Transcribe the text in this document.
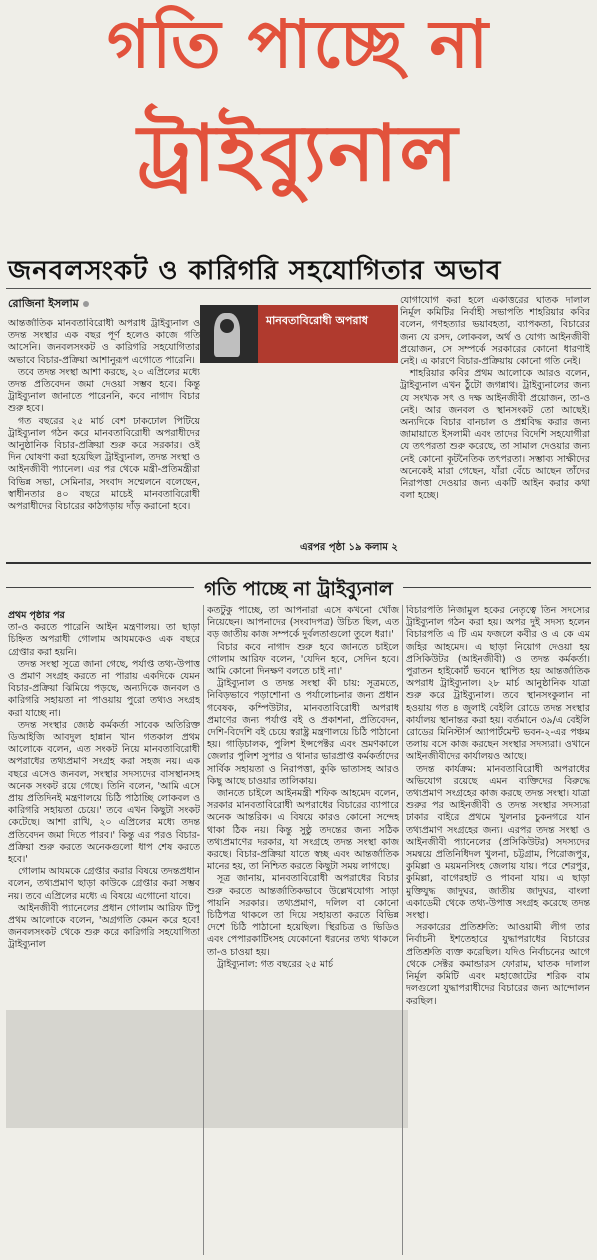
গতি পাচ্ছে না
ট্রাইব্যুনাল
জনবলসংকট ও কারিগরি সহযোগিতার অভাব
রোজিনা ইসলাম
মানবতাবিরোধী অপরাধ

আন্তর্জাতিক মানবতাবিরোধী অপরাধ ট্রাইব্যুনাল ও তদন্ত সংস্থার এক বছর পূর্ণ হলেও কাজে গতি আসেনি। জনবলসংকট ও কারিগরি সহযোগিতার অভাবে বিচার-প্রক্রিয়া আশানুরূপ এগোতে পারেনি।

তবে তদন্ত সংস্থা আশা করছে, ২০ এপ্রিলের মধ্যে তদন্ত প্রতিবেদন জমা দেওয়া সম্ভব হবে। কিন্তু ট্রাইব্যুনাল জানাতে পারেননি, কবে নাগাদ বিচার শুরু হবে।

গত বছরের ২৫ মার্চ বেশ ঢাকঢোল পিটিয়ে ট্রাইব্যুনাল গঠন করে মানবতাবিরোধী অপরাধীদের আনুষ্ঠানিক বিচার-প্রক্রিয়া শুরু করে সরকার। ওই দিন ঘোষণা করা হয়েছিল ট্রাইব্যুনাল, তদন্ত সংস্থা ও আইনজীবী প্যানেল। এর পর থেকে মন্ত্রী-প্রতিমন্ত্রীরা বিভিন্ন সভা, সেমিনার, সংবাদ সম্মেলনে বলেছেন, স্বাধীনতার ৪০ বছরে মাচেই মানবতাবিরোধী অপরাধীদের বিচারের কাঠগড়ায় দাঁড় করানো হবে।

যোগাযোগ করা হলে একাত্তরের ঘাতক দালাল নির্মূল কমিটির নির্বাহী সভাপতি শাহরিয়ার কবির বলেন, গণহত্যার ভয়াবহতা, ব্যাপকতা, বিচারের জন্য যে রসদ, লোকবল, অর্থ ও যোগ্য আইনজীবী প্রয়োজন, সে সম্পর্কে সরকারের কোনো ধারণাই নেই। এ কারণে বিচার-প্রক্রিয়ায় কোনো গতি নেই।

শাহরিয়ার কবির প্রথম আলোকে আরও বলেন, ট্রাইব্যুনাল এখন ঠুঁটো জগন্নাথ। ট্রাইব্যুনালের জন্য যে সংখ্যক সৎ ও দক্ষ আইনজীবী প্রয়োজন, তা-ও নেই। আর জনবল ও স্থানসংকট তো আছেই। অন্যদিকে বিচার বানচাল ও প্রশ্নবিদ্ধ করার জন্য জামায়াতে ইসলামী এবং তাদের বিদেশি সহযোগীরা যে তৎপরতা শুরু করেছে, তা সামাল দেওয়ার জন্য নেই কোনো কূটনৈতিক তৎপরতা। সম্ভাব্য সাক্ষীদের অনেকেই মারা গেছেন, যাঁরা বেঁচে আছেন তাঁদের নিরাপত্তা দেওয়ার জন্য একটি আইন করার কথা বলা হচ্ছে।

এরপর পৃষ্ঠা ১৯ কলাম ২
গতি পাচ্ছে না ট্রাইব্যুনাল

প্রথম পৃষ্ঠার পর

তা-ও করতে পারেনি আইন মন্ত্রণালয়। তা ছাড়া চিহ্নিত অপরাধী গোলাম আযমকেও এক বছরে গ্রেপ্তার করা হয়নি।

তদন্ত সংস্থা সূত্রে জানা গেছে, পর্যাপ্ত তথ্য-উপাত্ত ও প্রমাণ সংগ্রহ করতে না পারায় একদিকে যেমন বিচার-প্রক্রিয়া ঝিমিয়ে পড়ছে, অন্যদিকে জনবল ও কারিগরি সহায়তা না পাওয়ায় পুরো তথ্যও সংগ্রহ করা যাচ্ছে না।

তদন্ত সংস্থার জ্যেষ্ঠ কর্মকর্তা সাবেক অতিরিক্ত ডিআইজি আবদুল হান্নান খান গতকাল প্রথম আলোকে বলেন, এত সংকট নিয়ে মানবতাবিরোধী অপরাধের তথ্যপ্রমাণ সংগ্রহ করা সহজ নয়। এক বছরে এসেও জনবল, সংস্থার সদস্যদের বাসস্থানসহ অনেক সংকট রয়ে গেছে। তিনি বলেন, 'আমি এসে প্রায় প্রতিদিনই মন্ত্রণালয়ে চিঠি পাঠাচ্ছি লোকবল ও কারিগরি সহায়তা চেয়ে।' তবে এখন কিছুটা সংকট কেটেছে। আশা রাখি, ২০ এপ্রিলের মধ্যে তদন্ত প্রতিবেদন জমা দিতে পারব।' কিন্তু এর পরও বিচার-প্রক্রিয়া শুরু করতে অনেকগুলো ধাপ শেষ করতে হবে।'

গোলাম আযমকে গ্রেপ্তার করার বিষয়ে তদন্তপ্রধান বলেন, তথ্যপ্রমাণ ছাড়া কাউকে গ্রেপ্তার করা সম্ভব নয়। তবে এপ্রিলের মধ্যে এ বিষয়ে এগোনো যাবে।

আইনজীবী প্যানেলের প্রধান গোলাম আরিফ টিপু প্রথম আলোকে বলেন, 'অগ্রগতি কেমন করে হবে! জনবলসংকট থেকে শুরু করে কারিগরি সহযোগিতা ট্রাইব্যুনাল

কতটুকু পাচ্ছে, তা আপনারা এসে কখনো খোঁজ নিয়েছেন। আপনাদের (সংবাদপত্র) উচিত ছিল, এত বড় জাতীয় কাজ সম্পর্কে দুর্বলতাগুলো তুলে ধরা।'

বিচার কবে নাগাদ শুরু হবে জানতে চাইলে গোলাম আরিফ বলেন, 'যেদিন হবে, সেদিন হবে। আমি কোনো দিনক্ষণ বলতে চাই না।'

ট্রাইব্যুনাল ও তদন্ত সংস্থা কী চায়: সূত্রমতে, নিবিড়ভাবে পড়াশোনা ও পর্যালোচনার জন্য প্রধান গবেষক, কম্পিউটার, মানবতাবিরোধী অপরাধ প্রমাণের জন্য পর্যাপ্ত বই ও প্রকাশনা, প্রতিবেদন, দেশি-বিদেশি বই চেয়ে স্বরাষ্ট্র মন্ত্রণালয়ে চিঠি পাঠানো হয়। গাড়িচালক, পুলিশ ইন্সপেক্টর এবং ভ্রমণকালে জেলার পুলিশ সুপার ও থানার ভারপ্রাপ্ত কর্মকর্তাদের সার্বিক সহায়তা ও নিরাপত্তা, কুকি ভাতাসহ আরও কিছু আছে চাওয়ার তালিকায়।

জানতে চাইলে আইনমন্ত্রী শফিক আহমেদ বলেন, সরকার মানবতাবিরোধী অপরাধের বিচারের ব্যাপারে অনেক আন্তরিক। এ বিষয়ে কারও কোনো সন্দেহ থাকা ঠিক নয়। কিন্তু সুষ্ঠু তদন্তের জন্য সঠিক তথ্যপ্রমাণের দরকার, যা সংগ্রহে তদন্ত সংস্থা কাজ করছে। বিচার-প্রক্রিয়া যাতে স্বচ্ছ এবং আন্তর্জাতিক মানের হয়, তা নিশ্চিত করতে কিছুটা সময় লাগছে।

সূত্র জানায়, মানবতাবিরোধী অপরাধের বিচার শুরু করতে আন্তর্জাতিকভাবে উল্লেখযোগ্য সাড়া পায়নি সরকার। তথ্যপ্রমাণ, দলিল বা কোনো চিঠিপত্র থাকলে তা দিয়ে সহায়তা করতে বিভিন্ন দেশে চিঠি পাঠানো হয়েছিল। স্থিরচিত্র ও ভিডিও এবং পেপারকাটিংসহ যেকোনো ধরনের তথ্য থাকলে তা-ও চাওয়া হয়।

ট্রাইব্যুনাল: গত বছরের ২৫ মার্চ

বিচারপতি নিজামুল হকের নেতৃত্বে তিন সদস্যের ট্রাইব্যুনাল গঠন করা হয়। অপর দুই সদস্য হলেন বিচারপতি এ টি এম ফজলে কবীর ও এ কে এম জহির আহমেদ। এ ছাড়া নিয়োগ দেওয়া হয় প্রসিকিউটর (আইনজীবী) ও তদন্ত কর্মকর্তা। পুরাতন হাইকোর্ট ভবনে স্থাপিত হয় আন্তর্জাতিক অপরাধ ট্রাইব্যুনাল। ২৮ মার্চ আনুষ্ঠানিক যাত্রা শুরু করে ট্রাইব্যুনাল। তবে স্থানসংকুলান না হওয়ায় গত ৪ জুলাই বেইলি রোডে তদন্ত সংস্থার কার্যালয় স্থানান্তর করা হয়। বর্তমানে ৩৯/এ বেইলি রোডের মিনিস্টার্স অ্যাপার্টমেন্ট ভবন-২-এর পঞ্চম তলায় বসে কাজ করছেন সংস্থার সদস্যরা। ওখানে আইনজীবীদের কার্যালয়ও আছে।

তদন্ত কার্যক্রম: মানবতাবিরোধী অপরাধের অভিযোগ রয়েছে এমন ব্যক্তিদের বিরুদ্ধে তথ্যপ্রমাণ সংগ্রহের কাজ করছে তদন্ত সংস্থা। যাত্রা শুরুর পর আইনজীবী ও তদন্ত সংস্থার সদস্যরা ঢাকার বাইরে প্রথমে খুলনার চুকনগরে যান তথ্যপ্রমাণ সংগ্রহের জন্য। এরপর তদন্ত সংস্থা ও আইনজীবী প্যানেলের (প্রসিকিউটর) সদস্যদের সমন্বয়ে প্রতিনিধিদল খুলনা, চট্টগ্রাম, পিরোজপুর, কুমিল্লা ও ময়মনসিংহ জেলায় যায়। পরে শেরপুর, কুমিল্লা, বাগেরহাট ও পাবনা যায়। এ ছাড়া মুক্তিযুদ্ধ জাদুঘর, জাতীয় জাদুঘর, বাংলা একাডেমী থেকে তথ্য-উপাত্ত সংগ্রহ করেছে তদন্ত সংস্থা।

সরকারের প্রতিশ্রুতি: আওয়ামী লীগ তার নির্বাচনী ইশতেহারে যুদ্ধাপরাধের বিচারের প্রতিশ্রুতি ব্যক্ত করেছিল। যদিও নির্বাচনের আগে থেকে সেক্টর কমান্ডারস ফোরাম, ঘাতক দালাল নির্মূল কমিটি এবং মহাজোটের শরিক বাম দলগুলো যুদ্ধাপরাধীদের বিচারের জন্য আন্দোলন করছিল।
